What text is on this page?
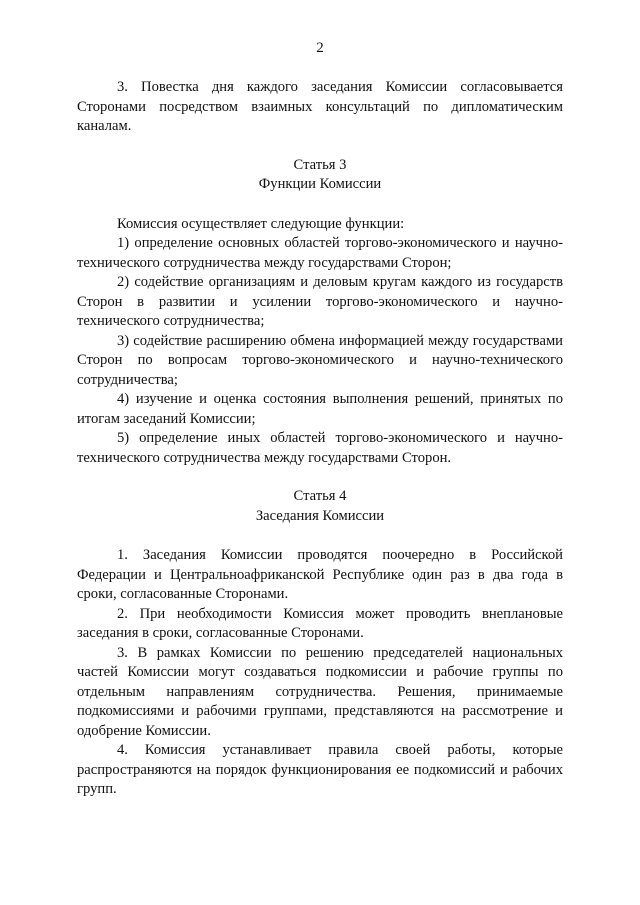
2

3. Повестка дня каждого заседания Комиссии согласовывается Сторонами посредством взаимных консультаций по дипломатическим каналам.

Статья 3

Функции Комиссии

Комиссия осуществляет следующие функции:

1) определение основных областей торгово-экономического и научно-технического сотрудничества между государствами Сторон;

2) содействие организациям и деловым кругам каждого из государств Сторон в развитии и усилении торгово-экономического и научно-технического сотрудничества;

3) содействие расширению обмена информацией между государствами Сторон по вопросам торгово-экономического и научно-технического сотрудничества;

4) изучение и оценка состояния выполнения решений, принятых по итогам заседаний Комиссии;

5) определение иных областей торгово-экономического и научно-технического сотрудничества между государствами Сторон.

Статья 4

Заседания Комиссии

1. Заседания Комиссии проводятся поочередно в Российской Федерации и Центральноафриканской Республике один раз в два года в сроки, согласованные Сторонами.

2. При необходимости Комиссия может проводить внеплановые заседания в сроки, согласованные Сторонами.

3. В рамках Комиссии по решению председателей национальных частей Комиссии могут создаваться подкомиссии и рабочие группы по отдельным направлениям сотрудничества. Решения, принимаемые подкомиссиями и рабочими группами, представляются на рассмотрение и одобрение Комиссии.

4. Комиссия устанавливает правила своей работы, которые распространяются на порядок функционирования ее подкомиссий и рабочих групп.
